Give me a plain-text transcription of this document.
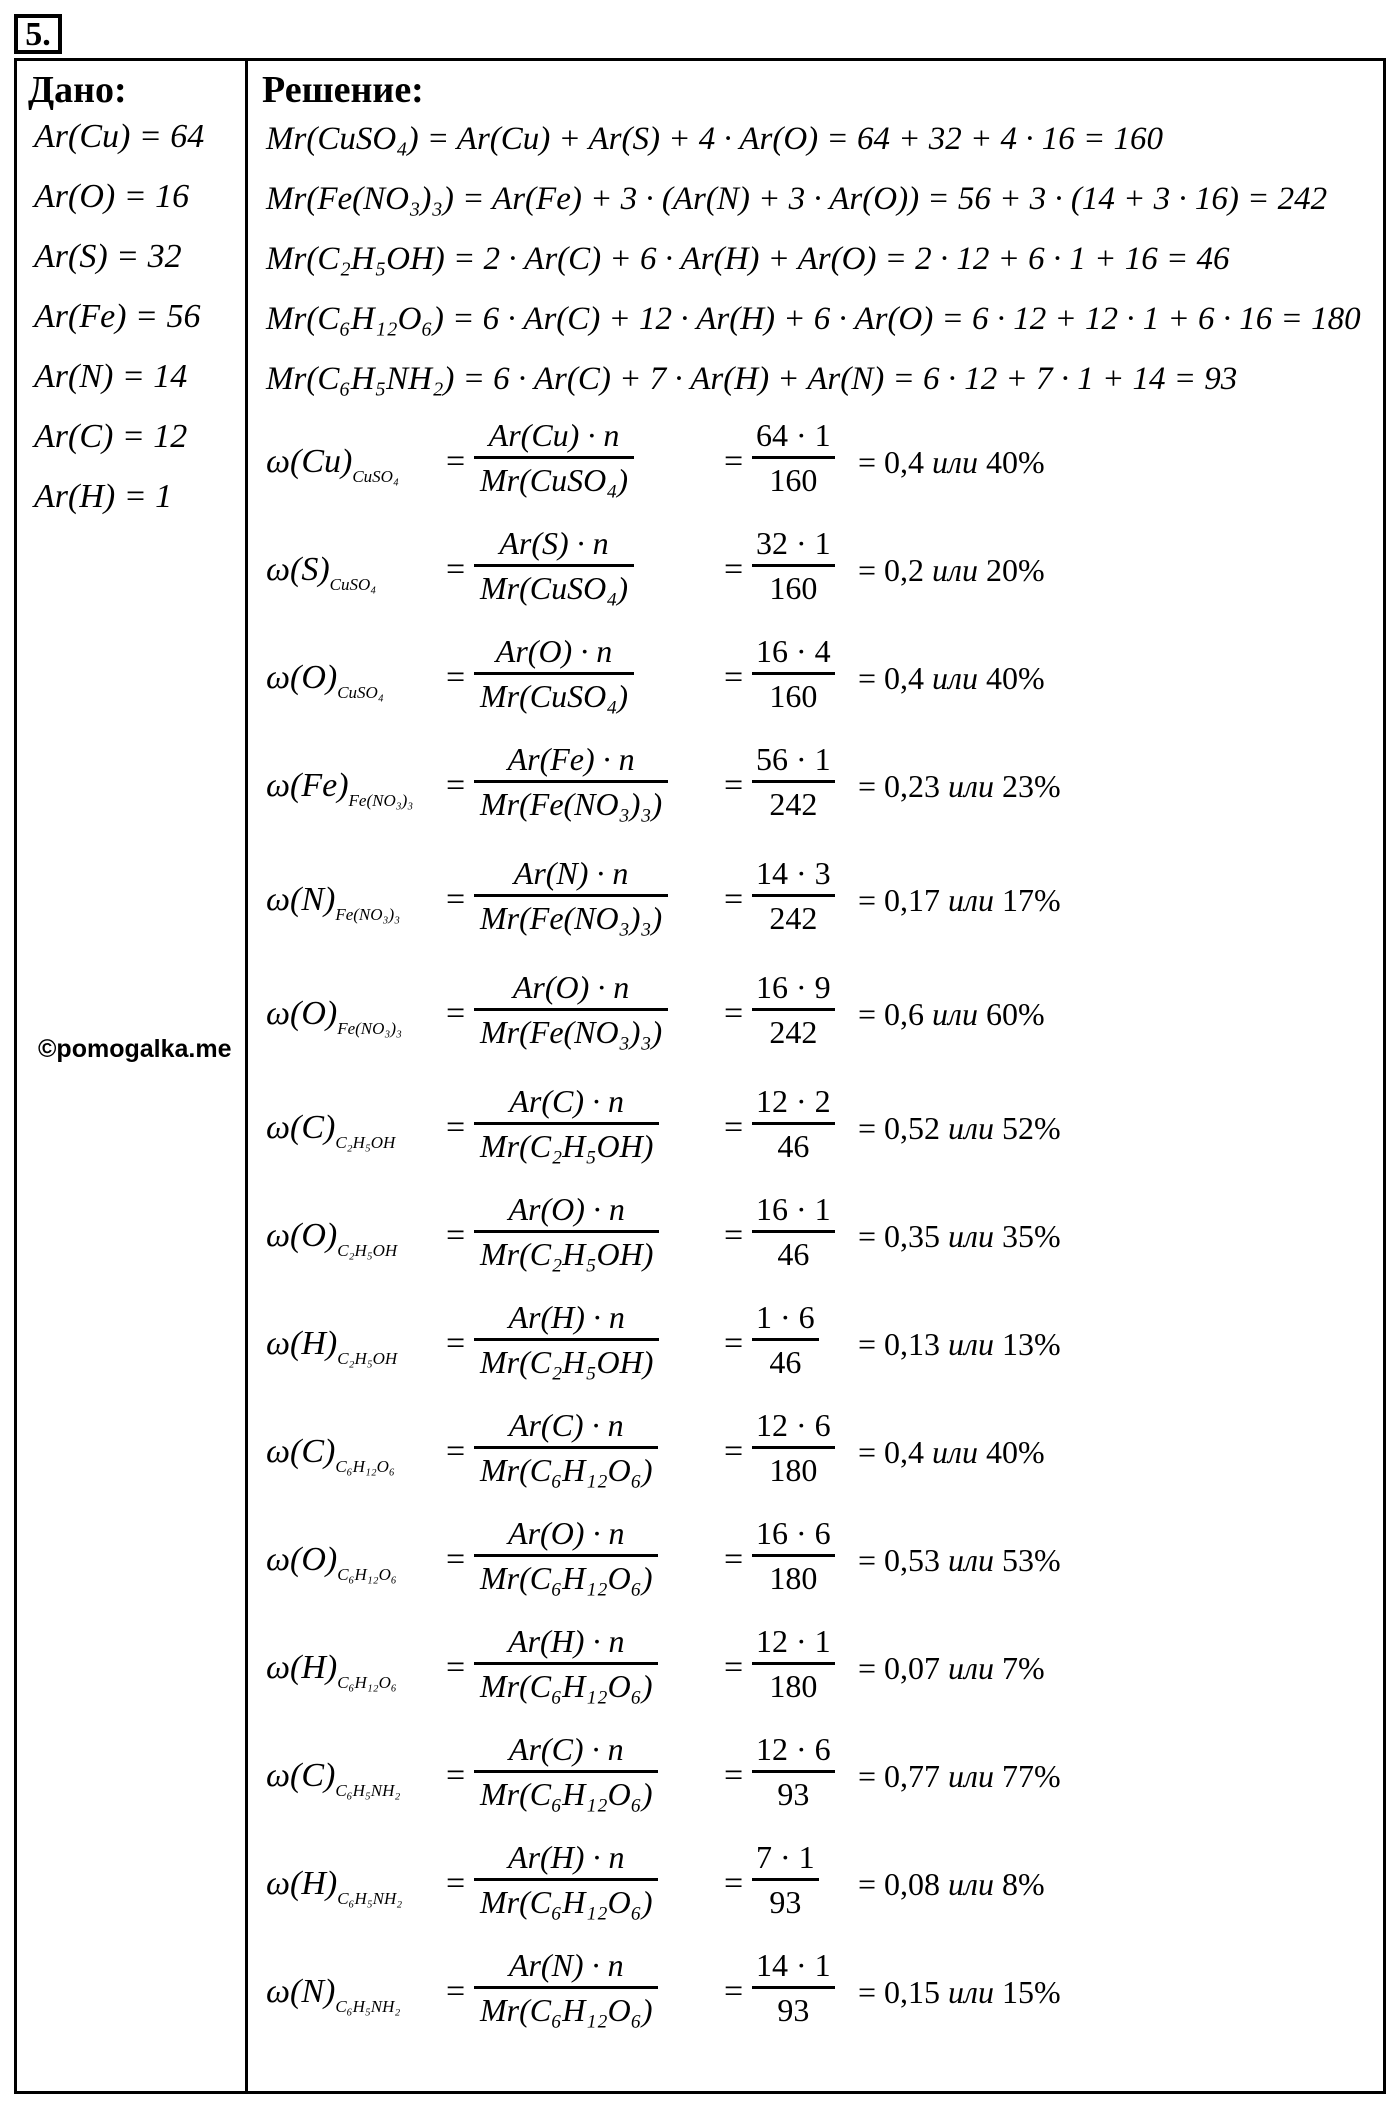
5.
Дано:	Решение:
Ar(Cu) = 64
Ar(O) = 16
Ar(S) = 32
Ar(Fe) = 56
Ar(N) = 14
Ar(C) = 12
Ar(H) = 1
Mr(CuSO₄) = Ar(Cu) + Ar(S) + 4 · Ar(O) = 64 + 32 + 4 · 16 = 160
Mr(Fe(NO₃)₃) = Ar(Fe) + 3 · (Ar(N) + 3 · Ar(O)) = 56 + 3 · (14 + 3 · 16) = 242
Mr(C₂H₅OH) = 2 · Ar(C) + 6 · Ar(H) + Ar(O) = 2 · 12 + 6 · 1 + 16 = 46
Mr(C₆H₁₂O₆) = 6 · Ar(C) + 12 · Ar(H) + 6 · Ar(O) = 6 · 12 + 12 · 1 + 6 · 16 = 180
Mr(C₆H₅NH₂) = 6 · Ar(C) + 7 · Ar(H) + Ar(N) = 6 · 12 + 7 · 1 + 14 = 93
©pomogalka.me
$\omega(Cu)_{CuSO_4}$ =
Ar(Cu) · n
Mr(CuSO₄)	= $\frac{64 \cdot 1}{160} = 0,4$ или 40%
$\omega(S)_{CuSO_4}$ =
Ar(S) · n
Mr(CuSO₄)	= $\frac{32 \cdot 1}{160} = 0,2$ или 20%
$\omega(O)_{CuSO_4}$ =
Ar(O) · n
Mr(CuSO₄)	= $\frac{16 \cdot 4}{160} = 0,4$ или 40%
$\omega(Fe)_{Fe(NO_3)_3} = \frac{Ar(Fe) \cdot n}{\text{Mr(Fe(NO₃)₃)}} = \frac{56 \cdot 1}{242} = 0,23$ или 23%
$\omega(N)_{Fe(NO_3)_3} = \frac{Ar(N) \cdot n}{\text{Mr(Fe(NO₃)₃)}} = \frac{14 \cdot 3}{242} = 0,17$ или 17%
$\omega(O)_{Fe(NO_3)_3} = \frac{Ar(O) \cdot n}{\text{Mr(Fe(NO₃)₃)}} = \frac{16 \cdot 9}{242} = 0,6$ или 60%
$\omega(C)_{C_2H_5OH} = \frac{Ar(C) \cdot n}{\text{Mr(C₂H₅OH)}} = \frac{12 \cdot 2}{46} = 0,52$ или 52%
$\omega(O)_{C_2H_5OH} = \frac{Ar(O) \cdot n}{\text{Mr(C₂H₅OH)}} = \frac{16 \cdot 1}{46} = 0,35$ или 35%
$\omega(H)_{C_2H_5OH} = \frac{Ar(H) \cdot n}{\text{Mr(C₂H₅OH)}} = \frac{1 \cdot 6}{46} = 0,13$ или 13%
$\omega(C)_{C_6H_{12}O_6} = \frac{Ar(C) \cdot n}{\text{Mr(C₆H₁₂O₆)}} = \frac{12 \cdot 6}{180} = 0,4$ или 40%
$\omega(O)_{C_6H_{12}O_6} = \frac{Ar(O) \cdot n}{\text{Mr(C₆H₁₂O₆)}} = \frac{16 \cdot 6}{180} = 0,53$ или 53%
$\omega(H)_{C_6H_{12}O_6} = \frac{Ar(H) \cdot n}{\text{Mr(C₆H₁₂O₆)}} = \frac{12 \cdot 1}{180} = 0,07$ или 7%
$\omega(C)_{C_6H_5NH_2} = \frac{Ar(C) \cdot n}{\text{Mr(C₆H₁₂O₆)}} = \frac{12 \cdot 6}{93} = 0,77$ или 77%
$\omega(H)_{C_6H_5NH_2} = \frac{Ar(H) \cdot n}{\text{Mr(C₆H₁₂O₆)}} = \frac{7 \cdot 1}{93} = 0,08$ или 8%
$\omega(N)_{C_6H_5NH_2} = \frac{Ar(N) \cdot n}{\text{Mr(C₆H₁₂O₆)}} = \frac{14 \cdot 1}{93} = 0,15$ или 15%
